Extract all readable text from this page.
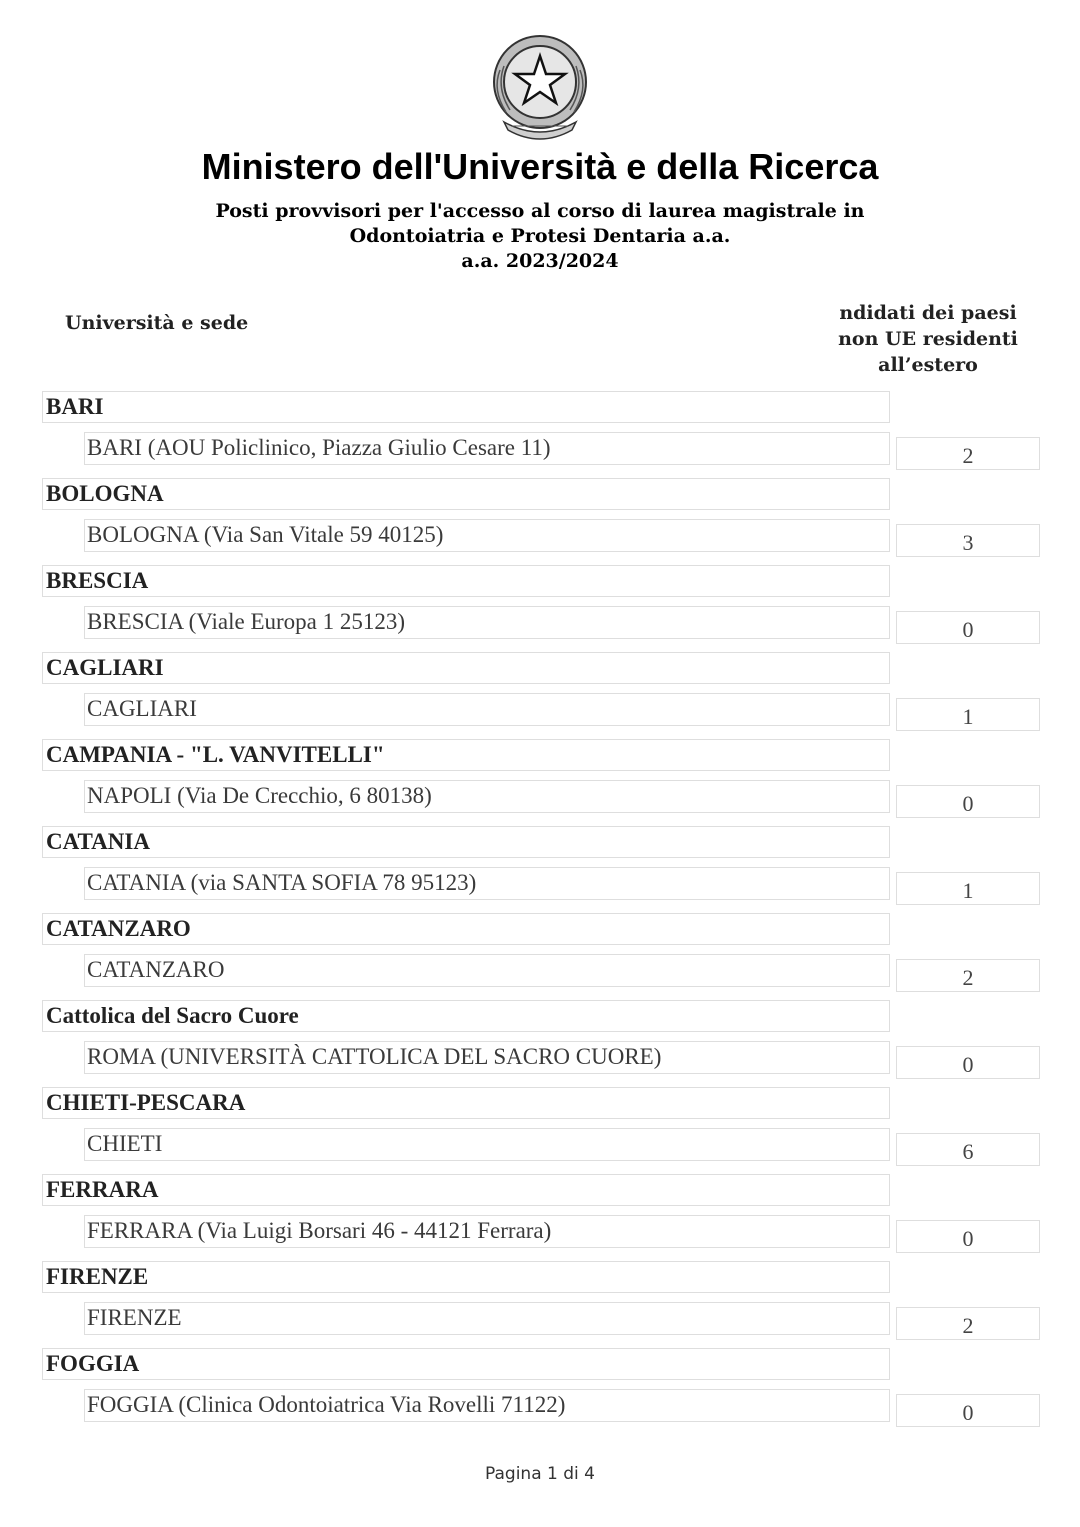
Ministero dell'Università e della Ricerca
Posti provvisori per l'accesso al corso di laurea magistrale in
Odontoiatria e Protesi Dentaria a.a.
a.a. 2023/2024
Università e sede	ndidati dei paesi
non UE residenti
all’estero
BARI
BARI (AOU Policlinico, Piazza Giulio Cesare 11)	2
BOLOGNA
BOLOGNA (Via San Vitale 59 40125)	3
BRESCIA
BRESCIA (Viale Europa 1 25123)	0
CAGLIARI
CAGLIARI	1
CAMPANIA - "L. VANVITELLI"
NAPOLI (Via De Crecchio, 6 80138)	0
CATANIA
CATANIA (via SANTA SOFIA 78 95123)	1
CATANZARO
CATANZARO	2
Cattolica del Sacro Cuore
ROMA (UNIVERSITÀ CATTOLICA DEL SACRO CUORE)	0
CHIETI-PESCARA
CHIETI	6
FERRARA
FERRARA (Via Luigi Borsari 46 - 44121 Ferrara)	0
FIRENZE
FIRENZE	2
FOGGIA
FOGGIA (Clinica Odontoiatrica Via Rovelli 71122)	0
Pagina 1 di 4
